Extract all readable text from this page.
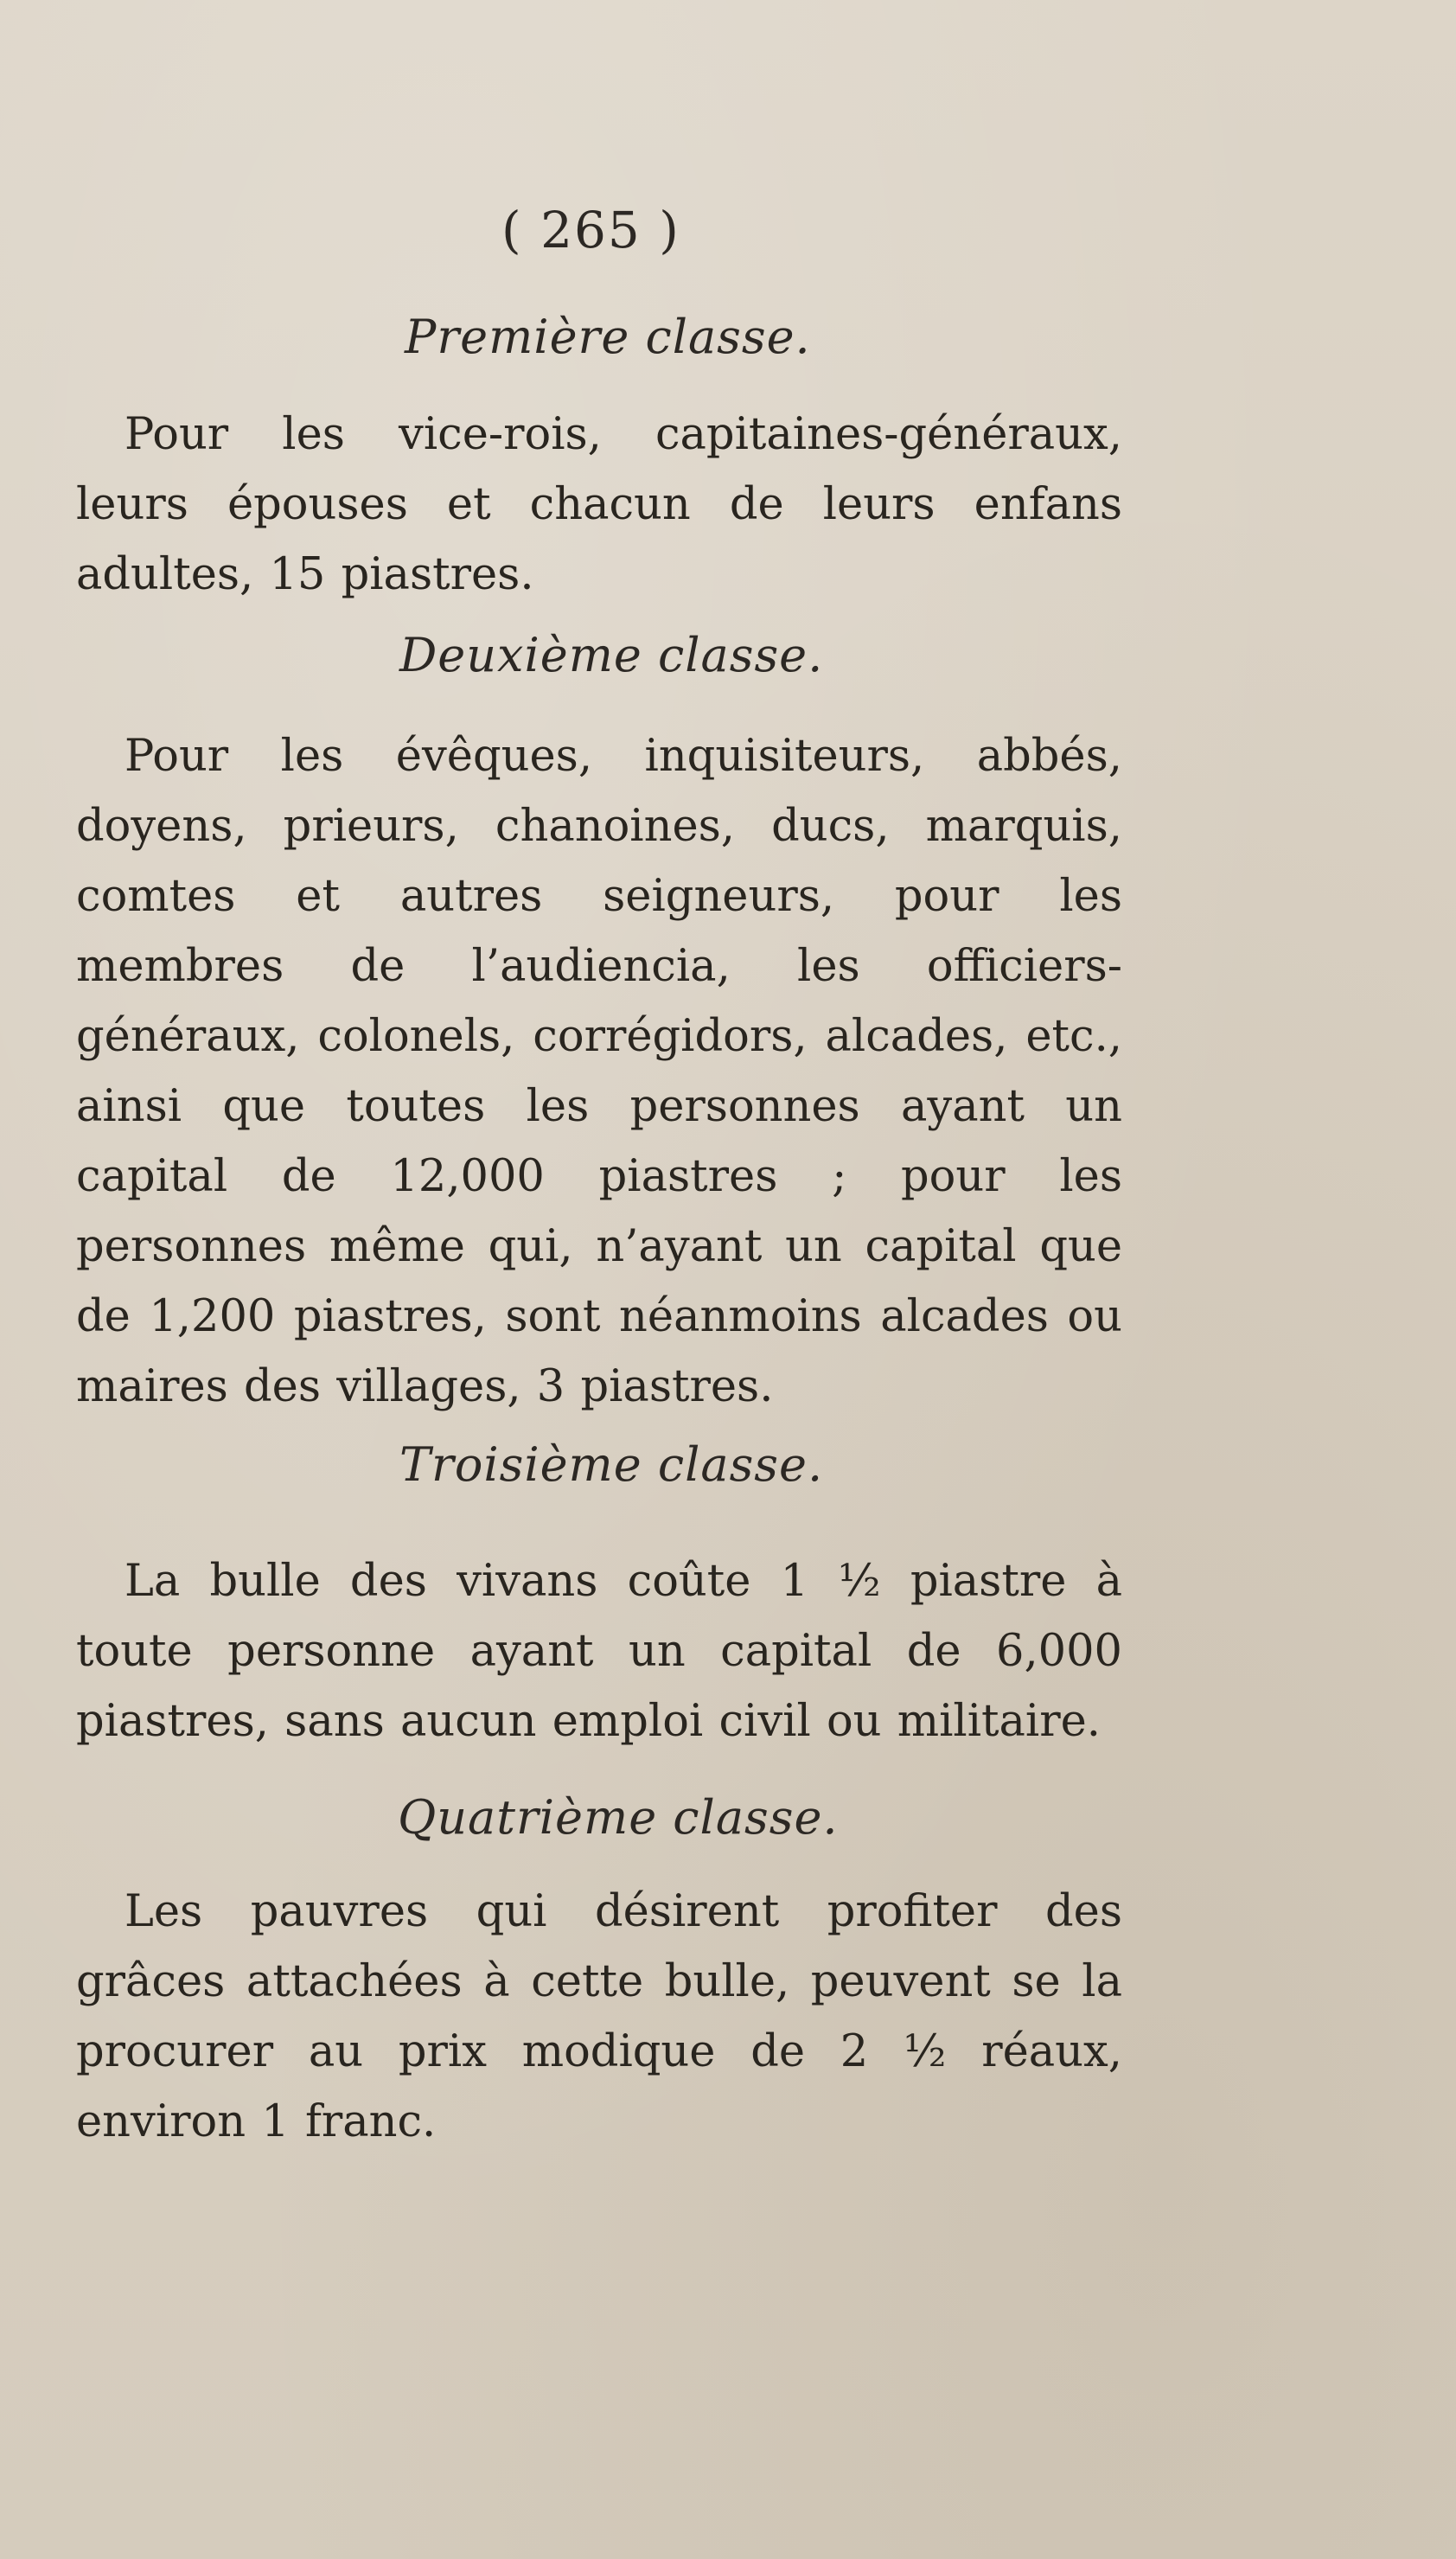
( 265 )
Première classe.

Pour les vice-rois, capitaines-généraux, leurs épouses et chacun de leurs enfans adultes, 15 piastres.

Deuxième classe.

Pour les évêques, inquisiteurs, abbés, doyens, prieurs, chanoines, ducs, marquis, comtes et autres seigneurs, pour les membres de l’audiencia, les officiers-généraux, colonels, corrégidors, alcades, etc., ainsi que toutes les personnes ayant un capital de 12,000 piastres ; pour les personnes même qui, n’ayant un capital que de 1,200 piastres, sont néanmoins alcades ou maires des villages, 3 piastres.

Troisième classe.

La bulle des vivans coûte 1 ½ piastre à toute personne ayant un capital de 6,000 piastres, sans aucun emploi civil ou militaire.

Quatrième classe.

Les pauvres qui désirent profiter des grâces attachées à cette bulle, peuvent se la procurer au prix modique de 2 ½ réaux, environ 1 franc.
